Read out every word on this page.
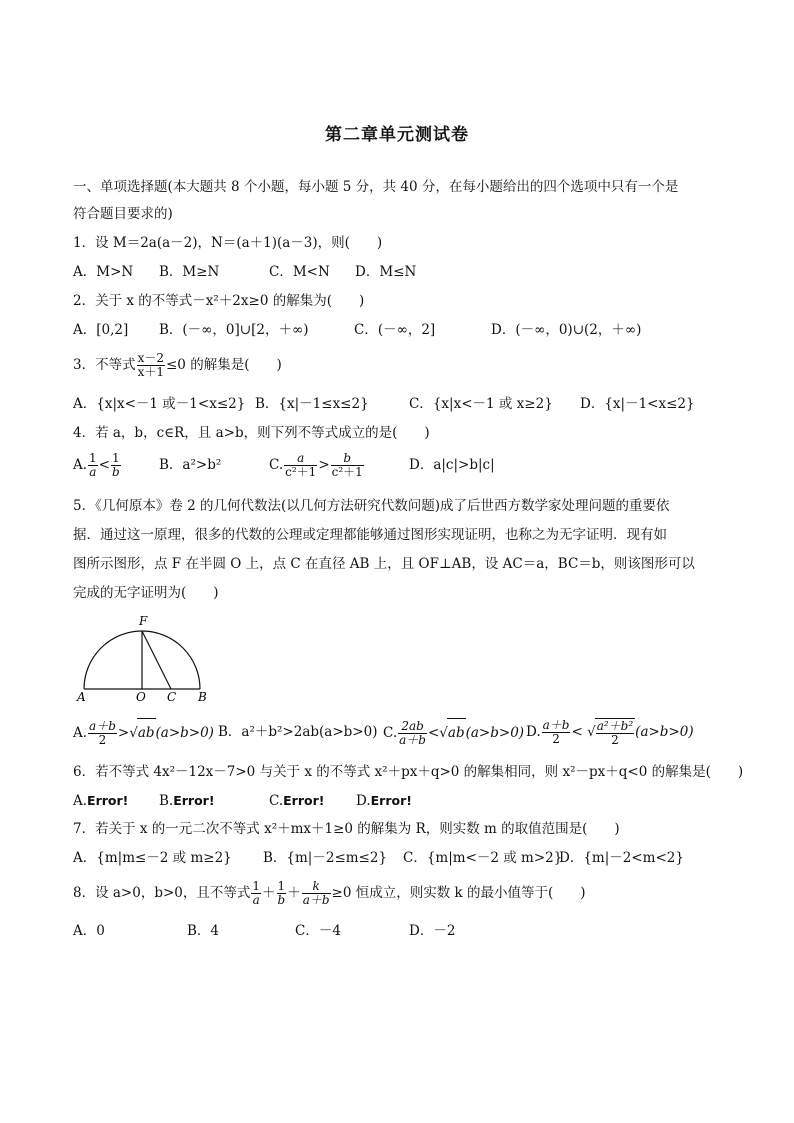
第二章单元测试卷
一、单项选择题(本大题共 8 个小题，每小题 5 分，共 40 分，在每小题给出的四个选项中只有一个是
符合题目要求的)
1．设 M＝2a(a－2)，N＝(a＋1)(a－3)，则(　　)
A．M>N	B．M≥N	C．M<N	D．M≤N
2．关于 x 的不等式－x²＋2x≥0 的解集为(　　)
A．[0,2]	B．(－∞，0]∪[2，＋∞)	C．(－∞，2]	D．(－∞，0)∪(2，＋∞)
3．不等式 $\frac{x-2}{x+1} \le 0$ 的解集是(　　)
A．{x|x<－1 或－1<x≤2} B．{x|－1≤x≤2}	C．{x|x<－1 或 x≥2}	D．{x|－1<x≤2}
4．若 a，b，c∈R，且 a>b，则下列不等式成立的是(　　)
A. $\frac{1}{a} < \frac{1}{b}$	B．a²>b²	C. $\frac{a}{\text{c²＋1}} > \frac{b}{\text{c²＋1}}$	D．a|c|>b|c|
5．《几何原本》卷 2 的几何代数法(以几何方法研究代数问题)成了后世西方数学家处理问题的重要依
据．通过这一原理，很多的代数的公理或定理都能够通过图形实现证明，也称之为无字证明．现有如
图所示图形，点 F 在半圆 O 上，点 C 在直径 AB 上，且 OF⊥AB，设 AC＝a，BC＝b，则该图形可以
完成的无字证明为(　　)
F
A	O C B
A. $\frac{a+b}{2} >√ab(a>b>0)$ B．a²＋b²>2ab(a>b>0) C. $\frac{2ab}{a+b} <√ab(a>b>0)$ D. $\frac{a+b}{2}$ < √ $\frac{\text{a²＋b²}}{2} (a>b>0)$
6．若不等式 4x²－12x－7>0 与关于 x 的不等式 x²＋px＋q>0 的解集相同，则 x²－px＋q<0 的解集是(　　)
A.Error!	B.Error!	C.Error!	D.Error!
7．若关于 x 的一元二次不等式 x²＋mx＋1≥0 的解集为 R，则实数 m 的取值范围是(　　)
A．{m|m≤－2 或 m≥2}	B．{m|－2≤m≤2}	C．{m|m<－2 或 m>2}
D．{m|－2<m<2}
8．设 a>0，b>0，且不等式 $\frac{1}{a} + \frac{1}{b} + \frac{k}{a+b} \ge 0$ 恒成立，则实数 k 的最小值等于(　　)
A．0	B．4	C．－4	D．－2
